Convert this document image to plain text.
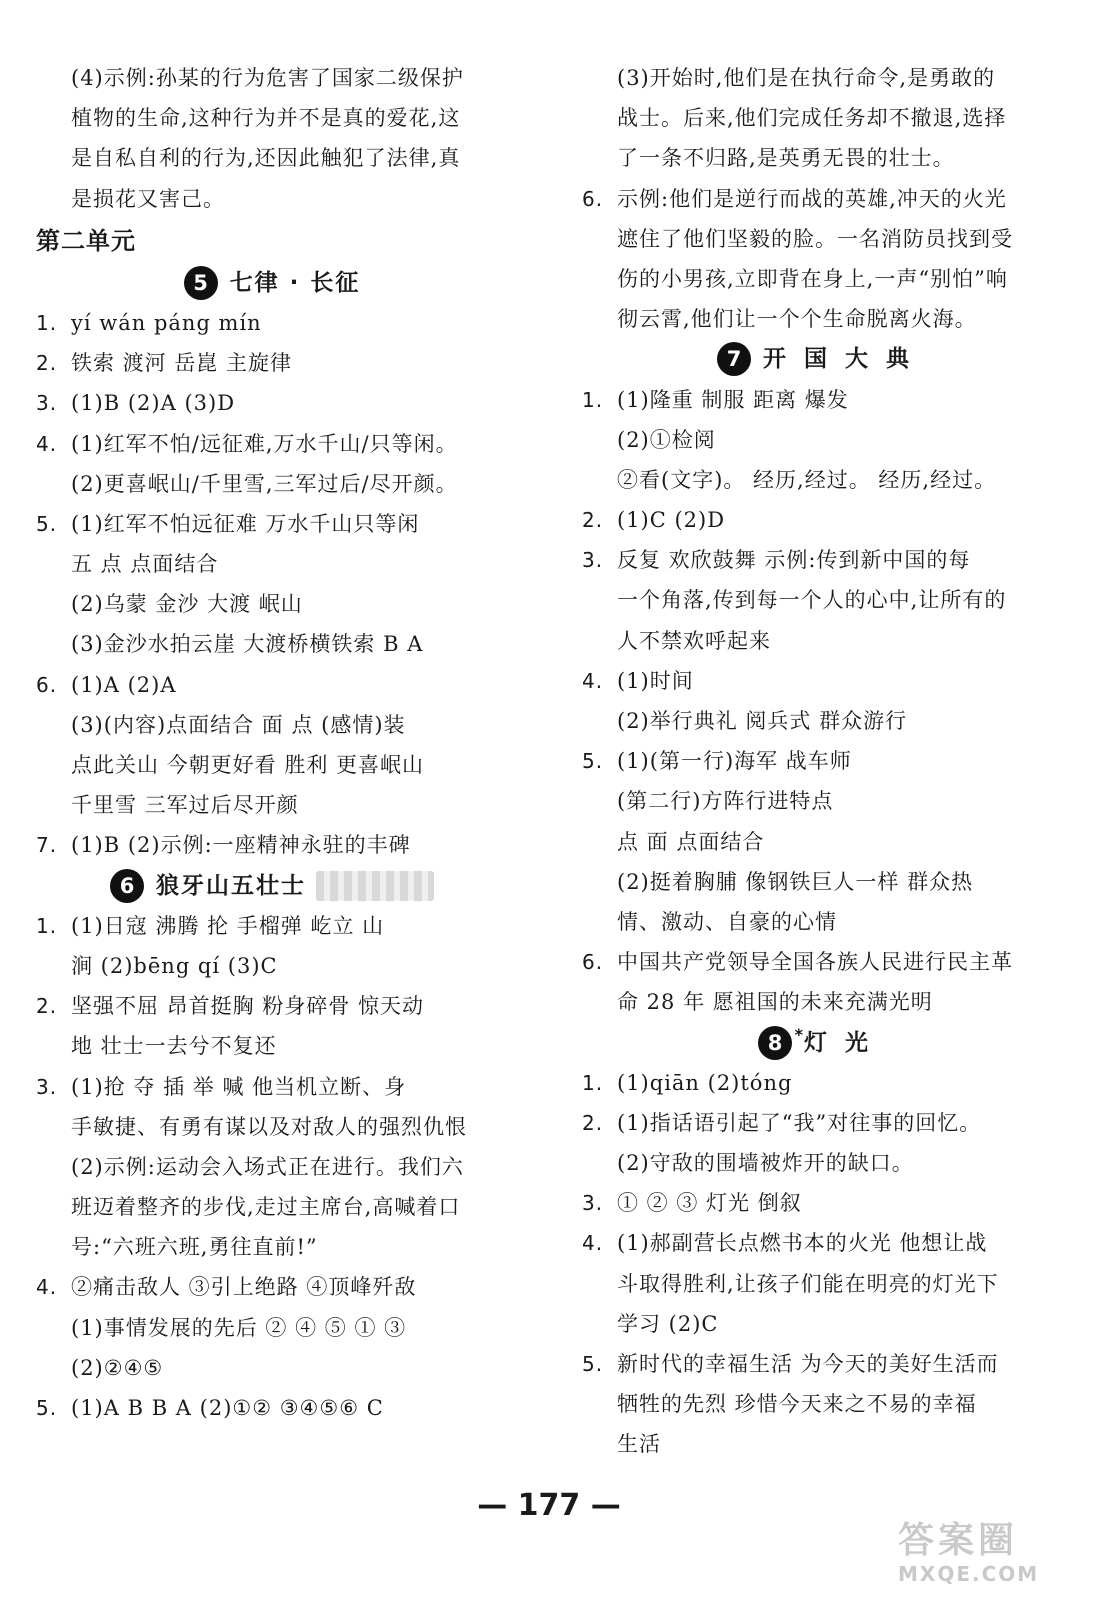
(4)示例:孙某的行为危害了国家二级保护
植物的生命,这种行为并不是真的爱花,这
是自私自利的行为,还因此触犯了法律,真
是损花又害己。
第二单元
5 七律 · 长征
1. yí wán páng mín
2. 铁索 渡河 岳崑 主旋律
3. (1)B (2)A (3)D
4. (1)红军不怕/远征难,万水千山/只等闲。
(2)更喜岷山/千里雪,三军过后/尽开颜。
5. (1)红军不怕远征难 万水千山只等闲
五 点 点面结合
(2)乌蒙 金沙 大渡 岷山
(3)金沙水拍云崖 大渡桥横铁索 B A
6. (1)A (2)A
(3)(内容)点面结合 面 点 (感情)装
点此关山 今朝更好看 胜利 更喜岷山
千里雪 三军过后尽开颜
7. (1)B (2)示例:一座精神永驻的丰碑
6 狼牙山五壮士
1. (1)日寇 沸腾 抡 手榴弹 屹立 山
涧 (2)bēng qí (3)C
2. 坚强不屈 昂首挺胸 粉身碎骨 惊天动
地 壮士一去兮不复还
3. (1)抢 夺 插 举 喊 他当机立断、身
手敏捷、有勇有谋以及对敌人的强烈仇恨
(2)示例:运动会入场式正在进行。我们六
班迈着整齐的步伐,走过主席台,高喊着口
号:“六班六班,勇往直前!”
4. ②痛击敌人 ③引上绝路 ④顶峰歼敌
(1)事情发展的先后 ② ④ ⑤ ① ③
(2)②④⑤
5. (1)A B B A (2)①② ③④⑤⑥ C
(3)开始时,他们是在执行命令,是勇敢的
战士。后来,他们完成任务却不撤退,选择
了一条不归路,是英勇无畏的壮士。
6. 示例:他们是逆行而战的英雄,冲天的火光
遮住了他们坚毅的脸。一名消防员找到受
伤的小男孩,立即背在身上,一声“别怕”响
彻云霄,他们让一个个生命脱离火海。
7 开国大典
1. (1)隆重 制服 距离 爆发
(2)①检阅
②看(文字)。 经历,经过。 经历,经过。
2. (1)C (2)D
3. 反复 欢欣鼓舞 示例:传到新中国的每
一个角落,传到每一个人的心中,让所有的
人不禁欢呼起来
4. (1)时间
(2)举行典礼 阅兵式 群众游行
5. (1)(第一行)海军 战车师
(第二行)方阵行进特点
点 面 点面结合
(2)挺着胸脯 像钢铁巨人一样 群众热
情、激动、自豪的心情
6. 中国共产党领导全国各族人民进行民主革
命 28 年 愿祖国的未来充满光明
8 * 灯光
1. (1)qiān (2)tóng
2. (1)指话语引起了“我”对往事的回忆。
(2)守敌的围墙被炸开的缺口。
3. ① ② ③ 灯光 倒叙
4. (1)郝副营长点燃书本的火光 他想让战
斗取得胜利,让孩子们能在明亮的灯光下
学习 (2)C
5. 新时代的幸福生活 为今天的美好生活而
牺牲的先烈 珍惜今天来之不易的幸福
生活
— 177 —
答案圈
MXQE.COM
